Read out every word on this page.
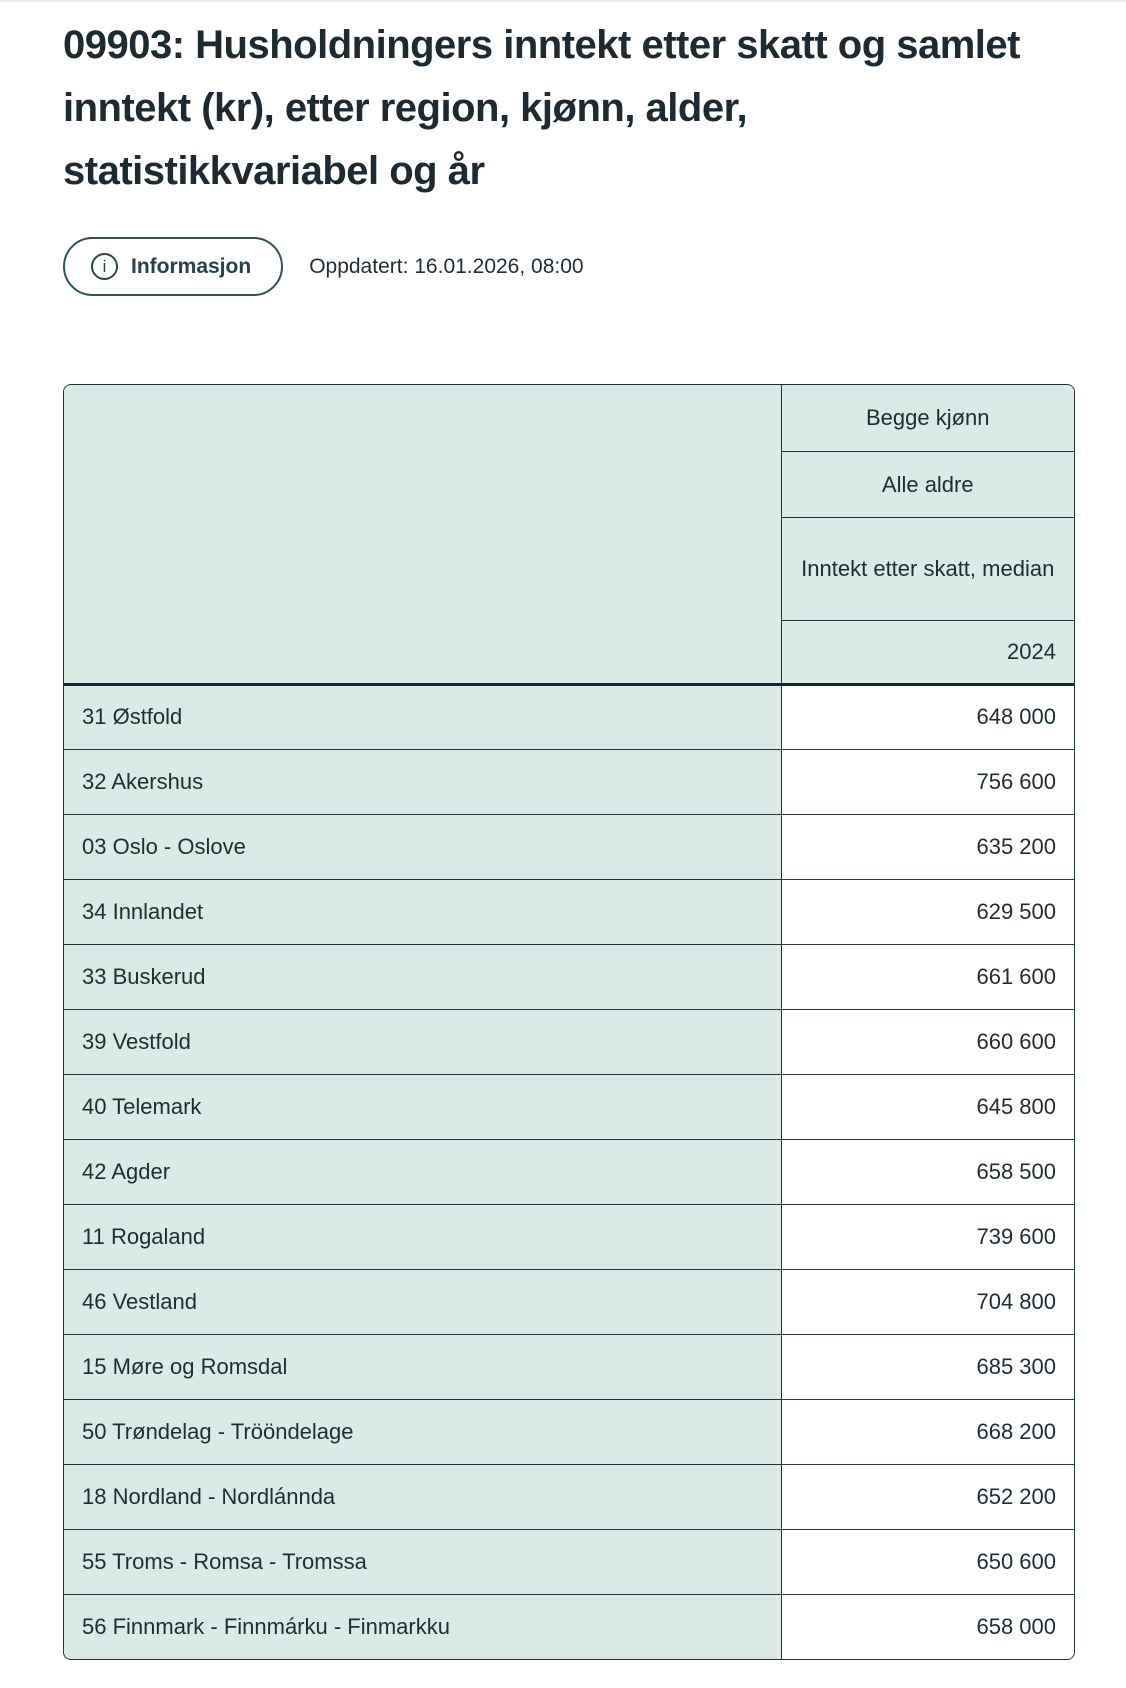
09903: Husholdningers inntekt etter skatt og samlet inntekt (kr), etter region, kjønn, alder, statistikkvariabel og år
i	Informasjon	Oppdatert: 16.01.2026, 08:00
	Begge kjønn
	Alle aldre
	Inntekt etter skatt, median
	2024
31 Østfold	648 000
32 Akershus	756 600
03 Oslo - Oslove	635 200
34 Innlandet	629 500
33 Buskerud	661 600
39 Vestfold	660 600
40 Telemark	645 800
42 Agder	658 500
11 Rogaland	739 600
46 Vestland	704 800
15 Møre og Romsdal	685 300
50 Trøndelag - Trööndelage	668 200
18 Nordland - Nordlánnda	652 200
55 Troms - Romsa - Tromssa	650 600
56 Finnmark - Finnmárku - Finmarkku	658 000
